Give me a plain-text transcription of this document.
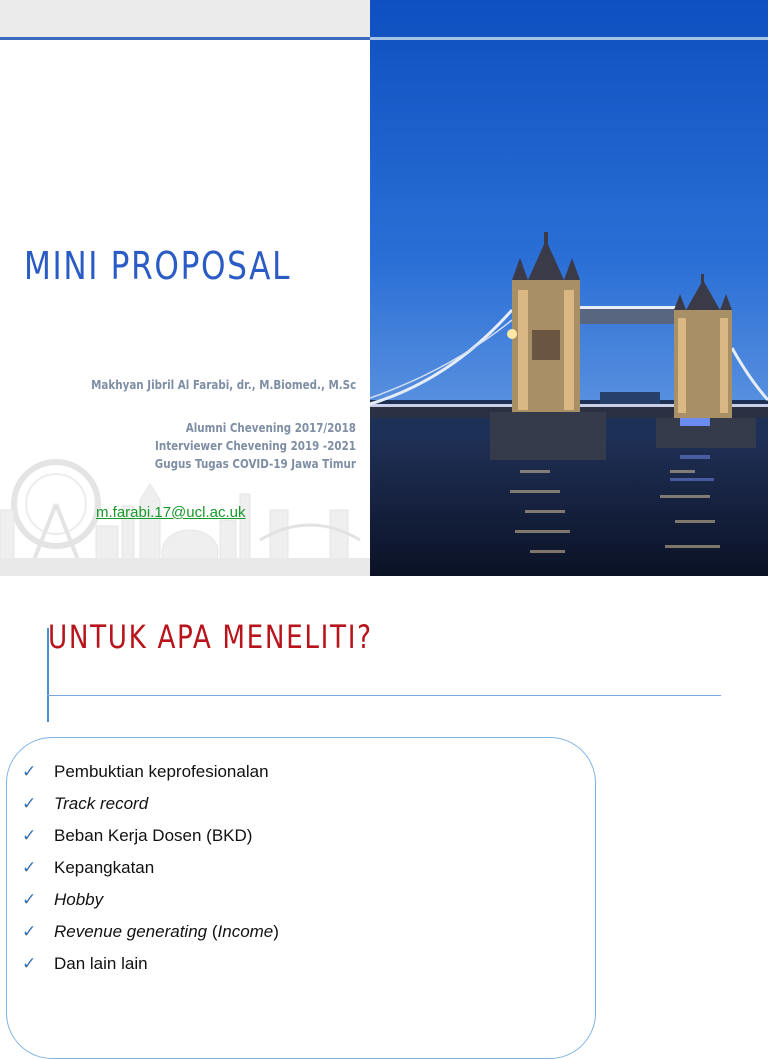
MINI PROPOSAL
Makhyan Jibril Al Farabi, dr., M.Biomed., M.Sc
Alumni Chevening 2017/2018
Interviewer Chevening 2019 -2021
Gugus Tugas COVID-19 Jawa Timur
m.farabi.17@ucl.ac.uk
UNTUK APA MENELITI?
✓	Pembuktian keprofesionalan
✓	Track record
✓	Beban Kerja Dosen (BKD)
✓	Kepangkatan
✓	Hobby
✓	Revenue generating (Income)
✓	Dan lain lain
